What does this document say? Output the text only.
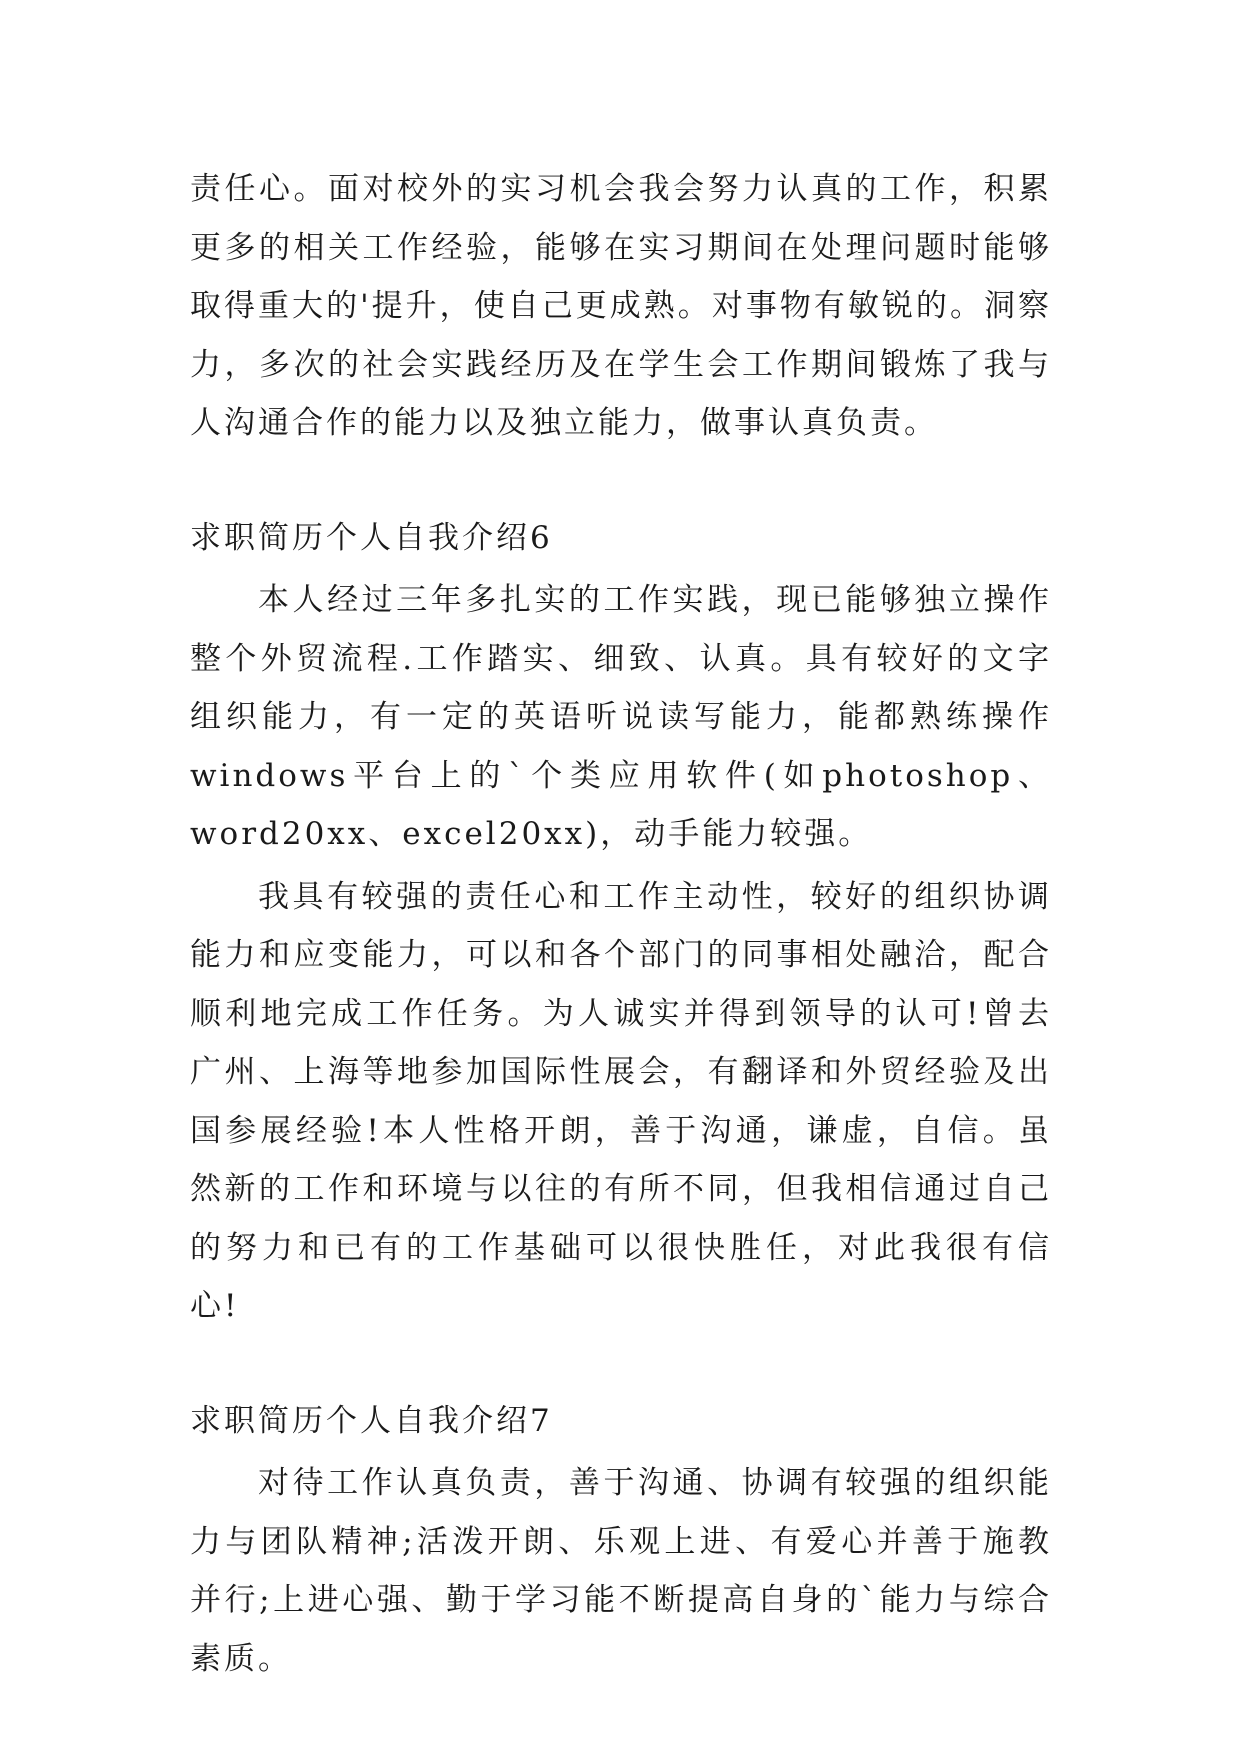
责任心。面对校外的实习机会我会努力认真的工作，积累更多的相关工作经验，能够在实习期间在处理问题时能够取得重大的'提升，使自己更成熟。对事物有敏锐的。洞察力，多次的社会实践经历及在学生会工作期间锻炼了我与人沟通合作的能力以及独立能力，做事认真负责。

求职简历个人自我介绍6

本人经过三年多扎实的工作实践，现已能够独立操作整个外贸流程.工作踏实、细致、认真。具有较好的文字组织能力，有一定的英语听说读写能力，能都熟练操作windows平台上的`个类应用软件(如photoshop、word20xx、excel20xx)，动手能力较强。

我具有较强的责任心和工作主动性，较好的组织协调能力和应变能力，可以和各个部门的同事相处融洽，配合顺利地完成工作任务。为人诚实并得到领导的认可!曾去广州、上海等地参加国际性展会，有翻译和外贸经验及出国参展经验!本人性格开朗，善于沟通，谦虚，自信。虽然新的工作和环境与以往的有所不同，但我相信通过自己的努力和已有的工作基础可以很快胜任，对此我很有信心!

求职简历个人自我介绍7

对待工作认真负责，善于沟通、协调有较强的组织能力与团队精神;活泼开朗、乐观上进、有爱心并善于施教并行;上进心强、勤于学习能不断提高自身的`能力与综合素质。
